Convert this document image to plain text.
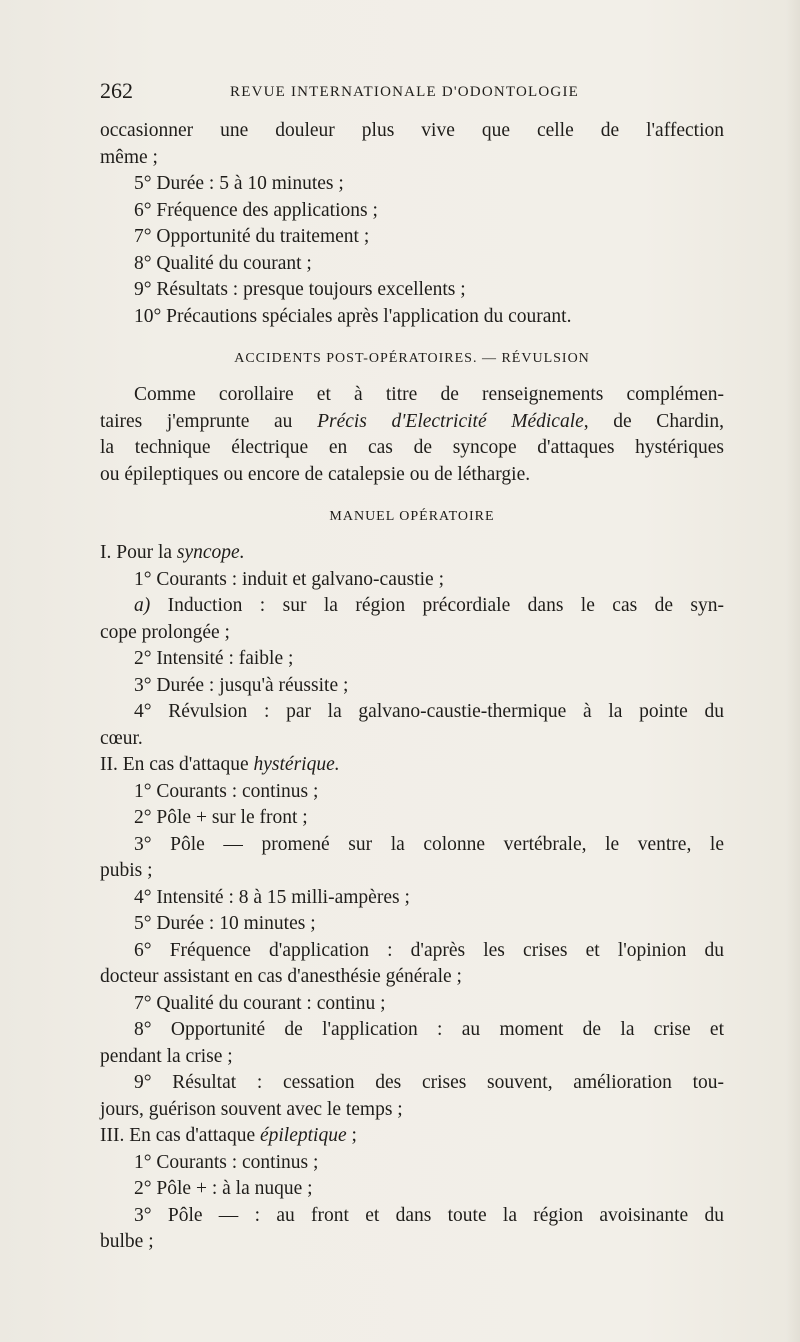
262	REVUE INTERNATIONALE D'ODONTOLOGIE
occasionner une douleur plus vive que celle de l'affection
même ;
5° Durée : 5 à 10 minutes ;
6° Fréquence des applications ;
7° Opportunité du traitement ;
8° Qualité du courant ;
9° Résultats : presque toujours excellents ;
10° Précautions spéciales après l'application du courant.
ACCIDENTS POST-OPÉRATOIRES. — RÉVULSION
Comme corollaire et à titre de renseignements complémen-
taires j'emprunte au Précis d'Electricité Médicale, de Chardin,
la technique électrique en cas de syncope d'attaques hystériques
ou épileptiques ou encore de catalepsie ou de léthargie.
MANUEL OPÉRATOIRE
I. Pour la syncope.
1° Courants : induit et galvano-caustie ;
a) Induction : sur la région précordiale dans le cas de syn-
cope prolongée ;
2° Intensité : faible ;
3° Durée : jusqu'à réussite ;
4° Révulsion : par la galvano-caustie-thermique à la pointe du
cœur.
II. En cas d'attaque hystérique.
1° Courants : continus ;
2° Pôle + sur le front ;
3° Pôle — promené sur la colonne vertébrale, le ventre, le
pubis ;
4° Intensité : 8 à 15 milli-ampères ;
5° Durée : 10 minutes ;
6° Fréquence d'application : d'après les crises et l'opinion du
docteur assistant en cas d'anesthésie générale ;
7° Qualité du courant : continu ;
8° Opportunité de l'application : au moment de la crise et
pendant la crise ;
9° Résultat : cessation des crises souvent, amélioration tou-
jours, guérison souvent avec le temps ;
III. En cas d'attaque épileptique ;
1° Courants : continus ;
2° Pôle + : à la nuque ;
3° Pôle — : au front et dans toute la région avoisinante du
bulbe ;
